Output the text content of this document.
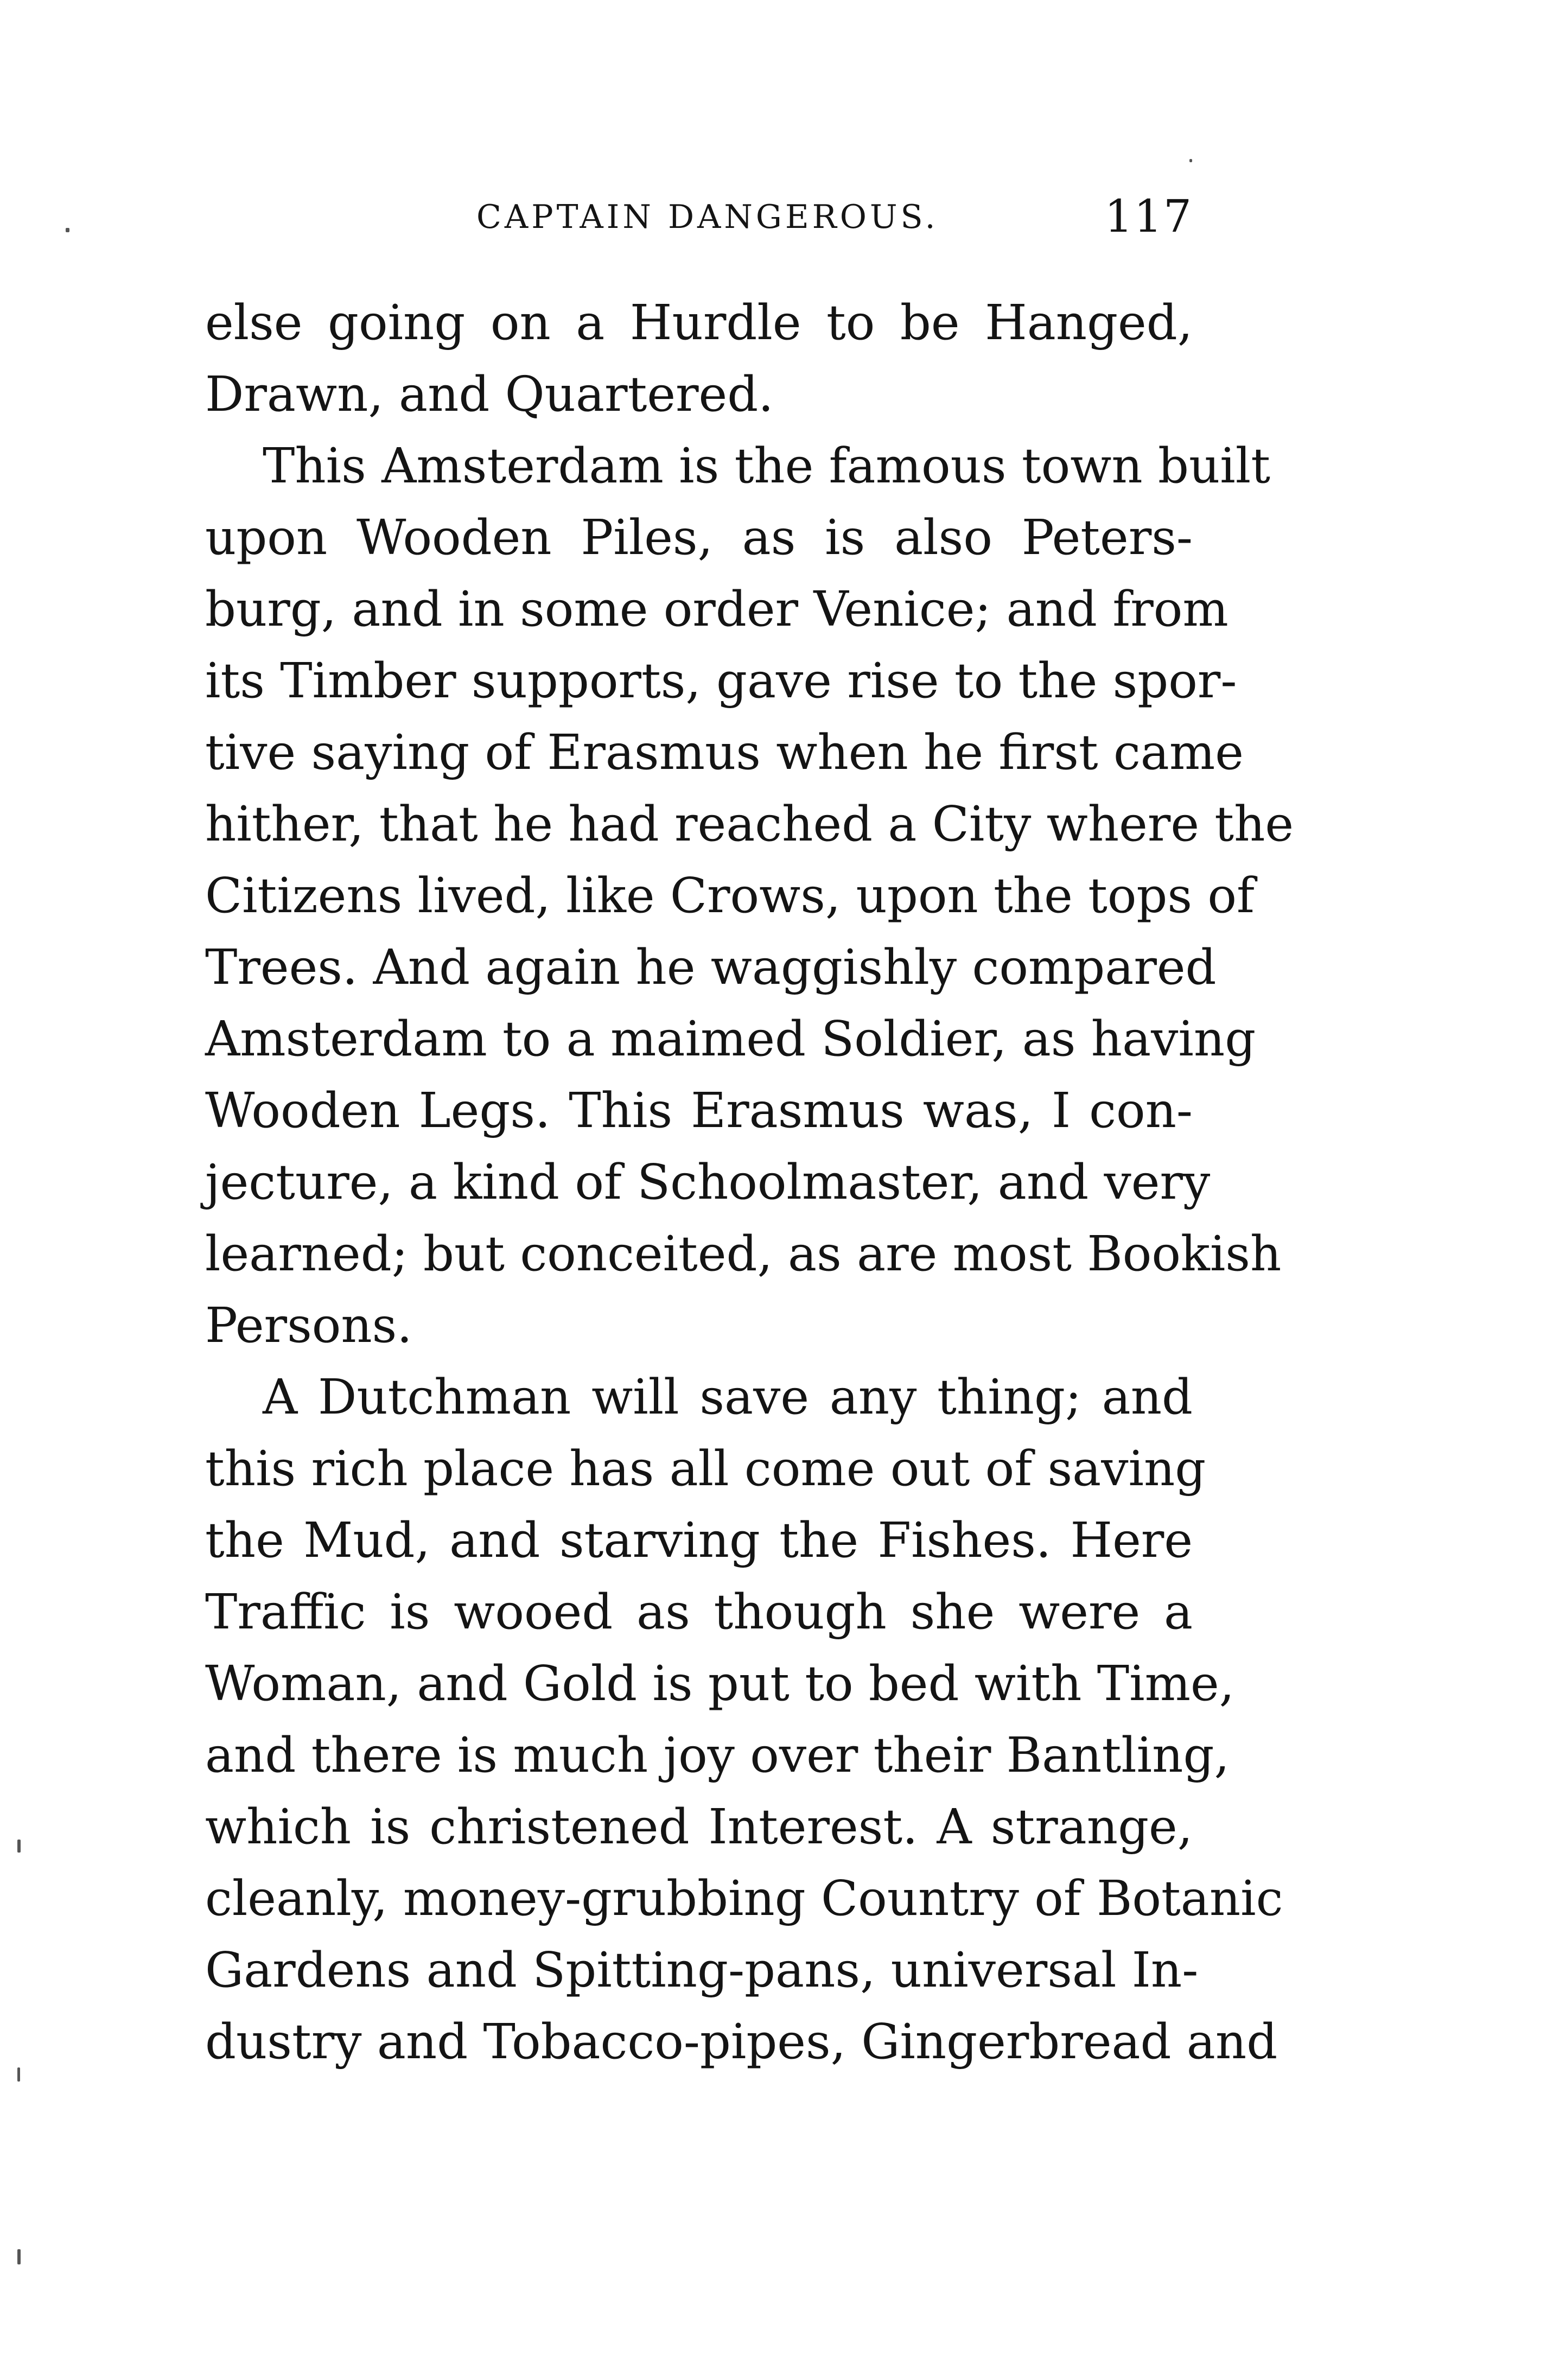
CAPTAIN DANGEROUS.	117
else going on a Hurdle to be Hanged,
Drawn, and Quartered.
This Amsterdam is the famous town built
upon Wooden Piles, as is also Peters-
burg, and in some order Venice; and from
its Timber supports, gave rise to the spor-
tive saying of Erasmus when he first came
hither, that he had reached a City where the
Citizens lived, like Crows, upon the tops of
Trees. And again he waggishly compared
Amsterdam to a maimed Soldier, as having
Wooden Legs. This Erasmus was, I con-
jecture, a kind of Schoolmaster, and very
learned; but conceited, as are most Bookish
Persons.
A Dutchman will save any thing; and
this rich place has all come out of saving
the Mud, and starving the Fishes. Here
Traffic is wooed as though she were a
Woman, and Gold is put to bed with Time,
and there is much joy over their Bantling,
which is christened Interest. A strange,
cleanly, money-grubbing Country of Botanic
Gardens and Spitting-pans, universal In-
dustry and Tobacco-pipes, Gingerbread and
